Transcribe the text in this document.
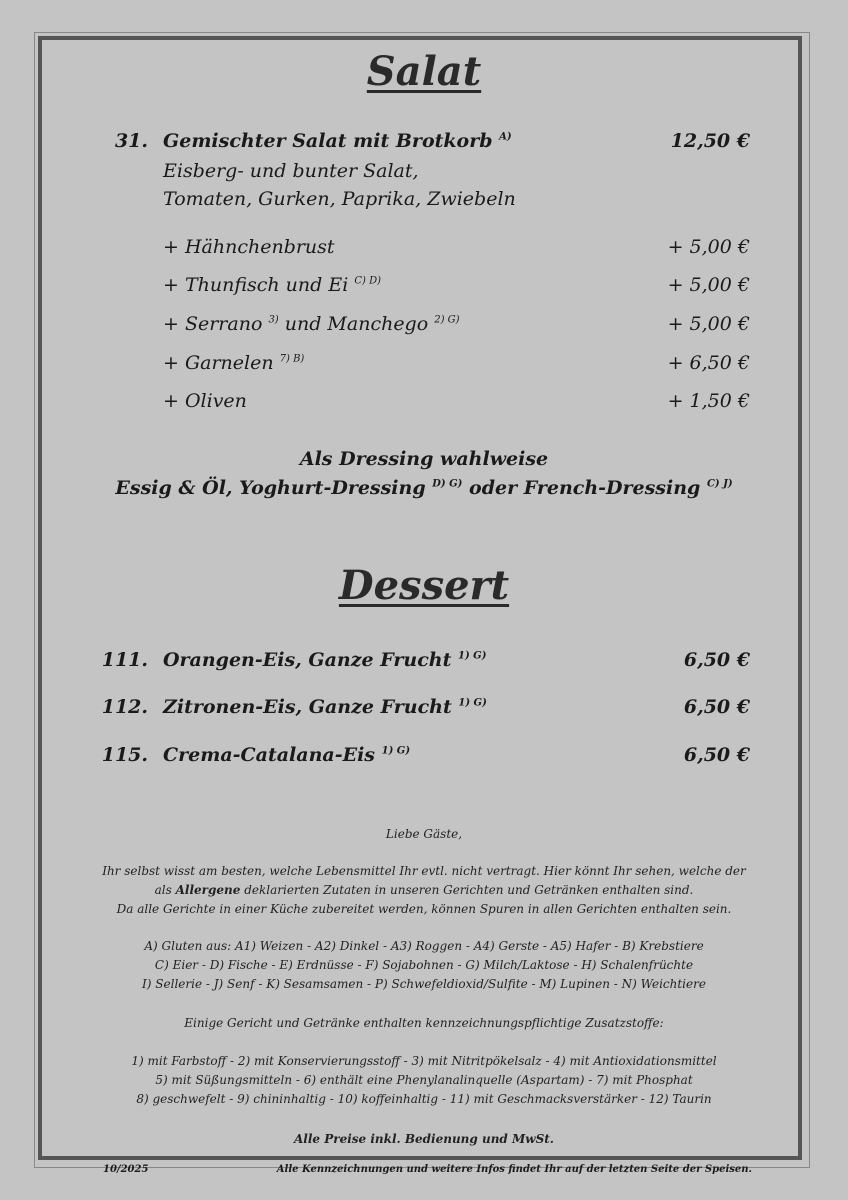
Salat
31. Gemischter Salat mit Brotkorb $^{A)}$	12,50 €
Eisberg- und bunter Salat,
Tomaten, Gurken, Paprika, Zwiebeln
+ Hähnchenbrust	+ 5,00 €
+ Thunfisch und Ei $^{C) D)}$	+ 5,00 €
+ Serrano $^{3)}$ und Manchego $^{2) G)}$	+ 5,00 €
+ Garnelen $^{7) B)}$	+ 6,50 €
+ Oliven	+ 1,50 €
Als Dressing wahlweise
Essig & Öl, Yoghurt-Dressing $^{D) G)}$ oder French-Dressing $^{C) J)}$
Dessert
111. Orangen-Eis, Ganze Frucht $^{1) G)}$	6,50 €
112. Zitronen-Eis, Ganze Frucht $^{1) G)}$	6,50 €
115. Crema-Catalana-Eis $^{1) G)}$	6,50 €
Liebe Gäste,
Ihr selbst wisst am besten, welche Lebensmittel Ihr evtl. nicht vertragt. Hier könnt Ihr sehen, welche der
als Allergene deklarierten Zutaten in unseren Gerichten und Getränken enthalten sind.
Da alle Gerichte in einer Küche zubereitet werden, können Spuren in allen Gerichten enthalten sein.
A) Gluten aus: A1) Weizen - A2) Dinkel - A3) Roggen - A4) Gerste - A5) Hafer - B) Krebstiere
C) Eier - D) Fische - E) Erdnüsse - F) Sojabohnen - G) Milch/Laktose - H) Schalenfrüchte
I) Sellerie - J) Senf - K) Sesamsamen - P) Schwefeldioxid/Sulfite - M) Lupinen - N) Weichtiere
Einige Gericht und Getränke enthalten kennzeichnungspflichtige Zusatzstoffe:
1) mit Farbstoff - 2) mit Konservierungsstoff - 3) mit Nitritpökelsalz - 4) mit Antioxidationsmittel
5) mit Süßungsmitteln - 6) enthält eine Phenylanalinquelle (Aspartam) - 7) mit Phosphat
8) geschwefelt - 9) chininhaltig - 10) koffeinhaltig - 11) mit Geschmacksverstärker - 12) Taurin
Alle Preise inkl. Bedienung und MwSt.
10/2025	Alle Kennzeichnungen und weitere Infos findet Ihr auf der letzten Seite der Speisen.
